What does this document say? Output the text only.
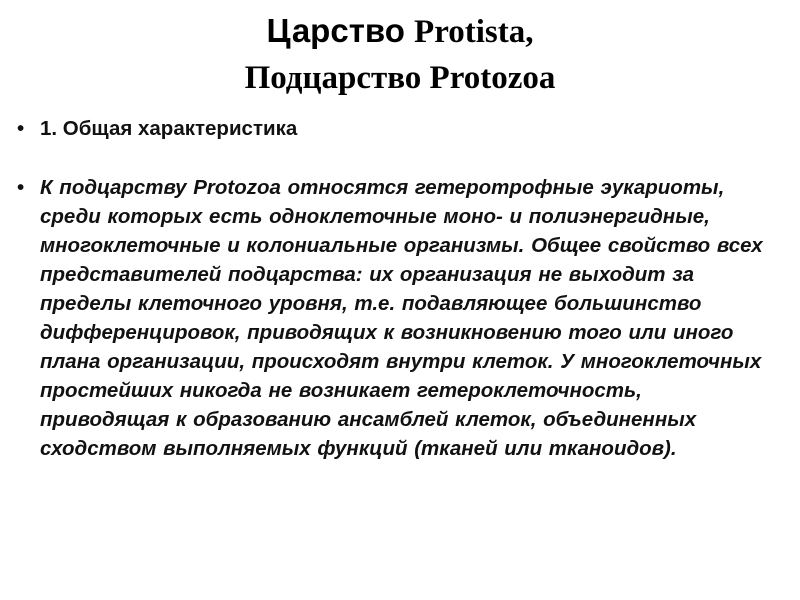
Царство Protista,
Подцарство Protozoa
• 1. Общая характеристика
• К подцарству Protozoa относятся гетеротрофные эукариоты, среди которых есть одноклеточные моно- и полиэнергидные, многоклеточные и колониальные организмы. Общее свойство всех представителей подцарства: их организация не выходит за пределы клеточного уровня, т.е. подавляющее большинство дифференцировок, приводящих к возникновению того или иного плана организации, происходят внутри клеток. У многоклеточных простейших никогда не возникает гетероклеточность, приводящая к образованию ансамблей клеток, объединенных сходством выполняемых функций (тканей или тканоидов).
